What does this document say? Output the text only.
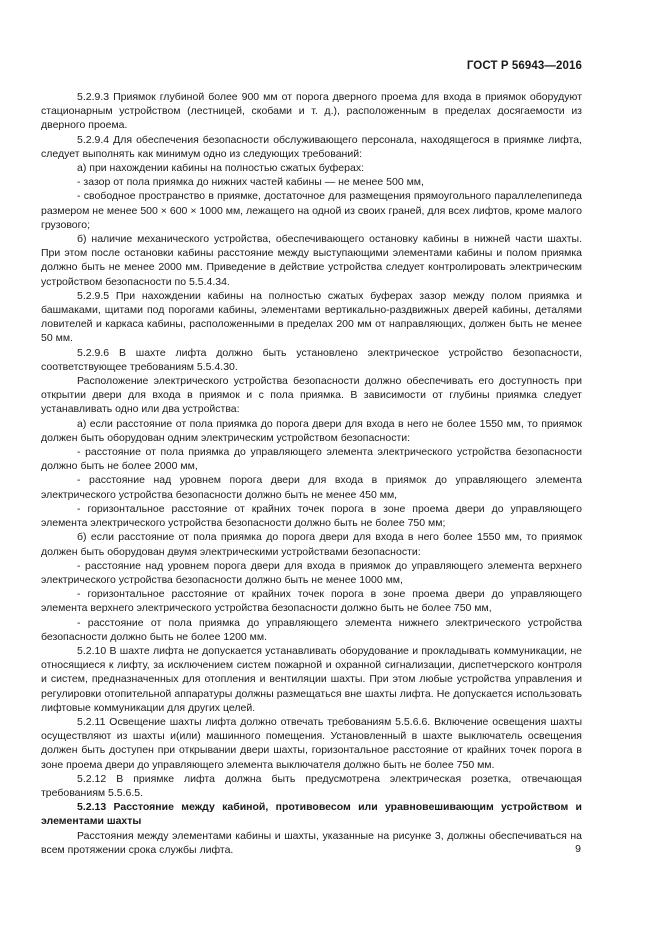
ГОСТ Р 56943—2016

5.2.9.3 Приямок глубиной более 900 мм от порога дверного проема для входа в приямок оборудуют стационарным устройством (лестницей, скобами и т. д.), расположенным в пределах досягаемости из дверного проема.

5.2.9.4 Для обеспечения безопасности обслуживающего персонала, находящегося в приямке лифта, следует выполнять как минимум одно из следующих требований:

а) при нахождении кабины на полностью сжатых буферах:

- зазор от пола приямка до нижних частей кабины — не менее 500 мм,

- свободное пространство в приямке, достаточное для размещения прямоугольного параллелепипеда размером не менее 500 × 600 × 1000 мм, лежащего на одной из своих граней, для всех лифтов, кроме малого грузового;

б) наличие механического устройства, обеспечивающего остановку кабины в нижней части шахты. При этом после остановки кабины расстояние между выступающими элементами кабины и полом приямка должно быть не менее 2000 мм. Приведение в действие устройства следует контролировать электрическим устройством безопасности по 5.5.4.34.

5.2.9.5 При нахождении кабины на полностью сжатых буферах зазор между полом приямка и башмаками, щитами под порогами кабины, элементами вертикально-раздвижных дверей кабины, деталями ловителей и каркаса кабины, расположенными в пределах 200 мм от направляющих, должен быть не менее 50 мм.

5.2.9.6 В шахте лифта должно быть установлено электрическое устройство безопасности, соответствующее требованиям 5.5.4.30.

Расположение электрического устройства безопасности должно обеспечивать его доступность при открытии двери для входа в приямок и с пола приямка. В зависимости от глубины приямка следует устанавливать одно или два устройства:

а) если расстояние от пола приямка до порога двери для входа в него не более 1550 мм, то приямок должен быть оборудован одним электрическим устройством безопасности:

- расстояние от пола приямка до управляющего элемента электрического устройства безопасности должно быть не более 2000 мм,

- расстояние над уровнем порога двери для входа в приямок до управляющего элемента электрического устройства безопасности должно быть не менее 450 мм,

- горизонтальное расстояние от крайних точек порога в зоне проема двери до управляющего элемента электрического устройства безопасности должно быть не более 750 мм;

б) если расстояние от пола приямка до порога двери для входа в него более 1550 мм, то приямок должен быть оборудован двумя электрическими устройствами безопасности:

- расстояние над уровнем порога двери для входа в приямок до управляющего элемента верхнего электрического устройства безопасности должно быть не менее 1000 мм,

- горизонтальное расстояние от крайних точек порога в зоне проема двери до управляющего элемента верхнего электрического устройства безопасности должно быть не более 750 мм,

- расстояние от пола приямка до управляющего элемента нижнего электрического устройства безопасности должно быть не более 1200 мм.

5.2.10 В шахте лифта не допускается устанавливать оборудование и прокладывать коммуникации, не относящиеся к лифту, за исключением систем пожарной и охранной сигнализации, диспетчерского контроля и систем, предназначенных для отопления и вентиляции шахты. При этом любые устройства управления и регулировки отопительной аппаратуры должны размещаться вне шахты лифта. Не допускается использовать лифтовые коммуникации для других целей.

5.2.11 Освещение шахты лифта должно отвечать требованиям 5.5.6.6. Включение освещения шахты осуществляют из шахты и(или) машинного помещения. Установленный в шахте выключатель освещения должен быть доступен при открывании двери шахты, горизонтальное расстояние от крайних точек порога в зоне проема двери до управляющего элемента выключателя должно быть не более 750 мм.

5.2.12 В приямке лифта должна быть предусмотрена электрическая розетка, отвечающая требованиям 5.5.6.5.

5.2.13 Расстояние между кабиной, противовесом или уравновешивающим устройством и элементами шахты

Расстояния между элементами кабины и шахты, указанные на рисунке 3, должны обеспечиваться на всем протяжении срока службы лифта.	9
